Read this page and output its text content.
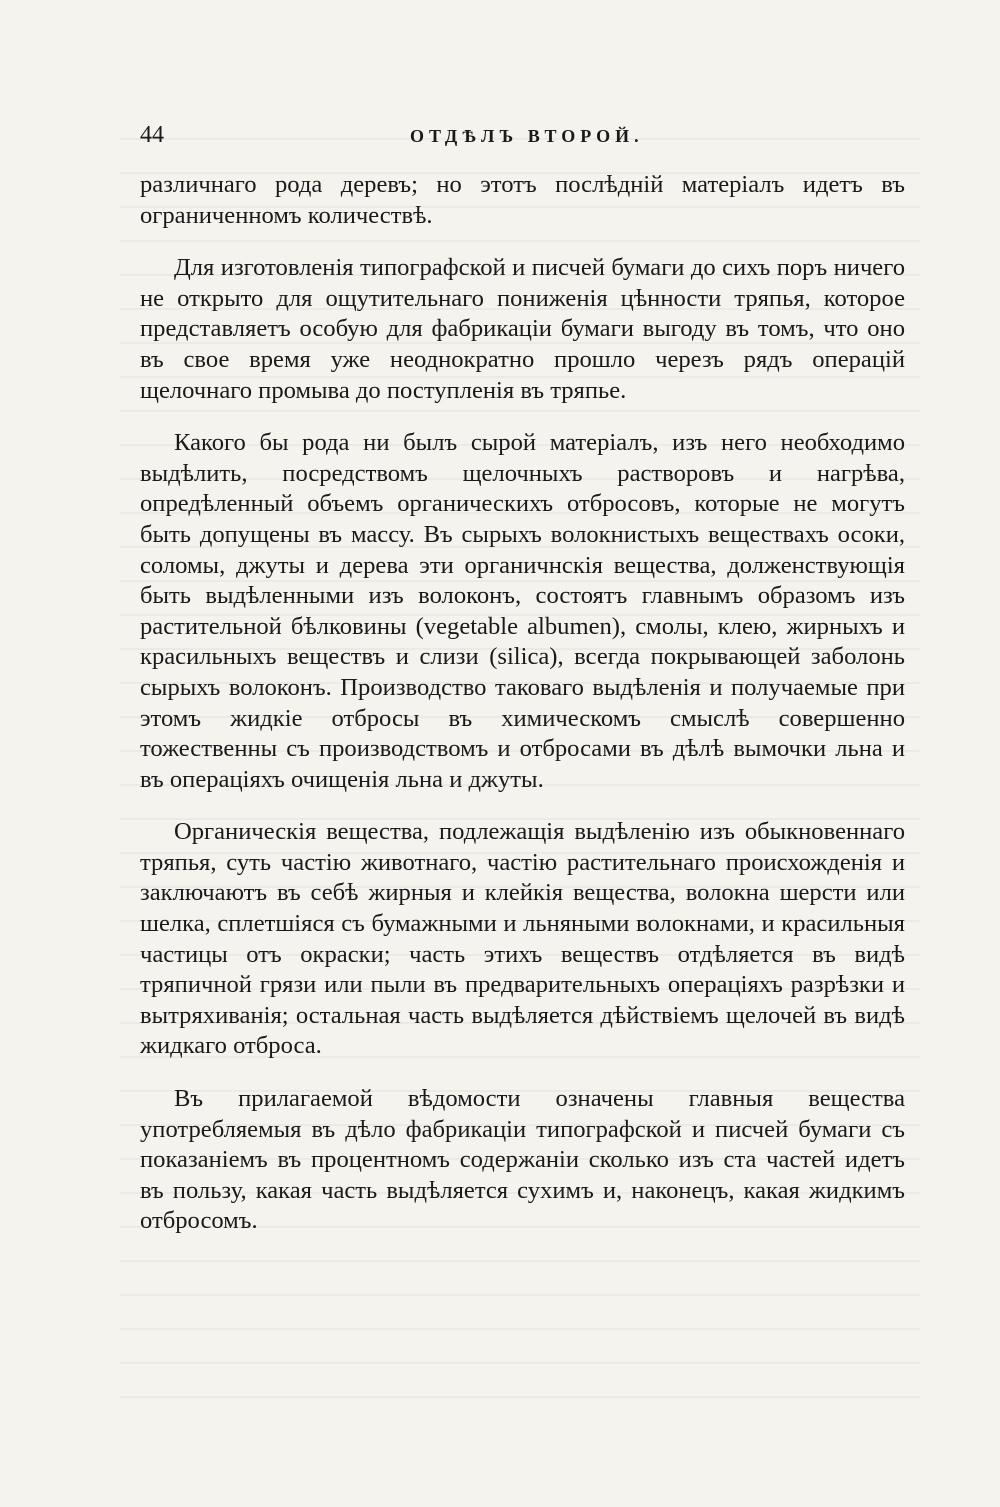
44	ОТДѢЛЪ ВТОРОЙ.

различнаго рода деревъ; но этотъ послѣднiй матерiалъ идетъ въ ограниченномъ количествѣ.

Для изготовленiя типографской и писчей бумаги до сихъ поръ ничего не открыто для ощутительнаго пониженiя цѣнности тряпья, которое представляетъ особую для фабрикацiи бумаги выгоду въ томъ, что оно въ свое время уже неоднократно прошло черезъ рядъ операцiй щелочнаго промыва до поступленiя въ тряпье.

Какого бы рода ни былъ сырой матерiалъ, изъ него необходимо выдѣлить, посредствомъ щелочныхъ растворовъ и нагрѣва, опредѣленный объемъ органическихъ отбросовъ, которые не могутъ быть допущены въ массу. Въ сырыхъ волокнистыхъ веществахъ осоки, соломы, джуты и дерева эти органичнскiя вещества, долженствующiя быть выдѣленными изъ волоконъ, состоятъ главнымъ образомъ изъ растительной бѣлковины (vegetable albumen), смолы, клею, жирныхъ и красильныхъ веществъ и слизи (silica), всегда покрывающей заболонь сырыхъ волоконъ. Производство таковаго выдѣленiя и получаемые при этомъ жидкiе отбросы въ химическомъ смыслѣ совершенно тожественны съ производствомъ и отбросами въ дѣлѣ вымочки льна и въ операцiяхъ очищенiя льна и джуты.

Органическiя вещества, подлежащiя выдѣленiю изъ обыкновеннаго тряпья, суть частiю животнаго, частiю растительнаго происхожденiя и заключаютъ въ себѣ жирныя и клейкiя вещества, волокна шерсти или шелка, сплетшiяся съ бумажными и льняными волокнами, и красильныя частицы отъ окраски; часть этихъ веществъ отдѣляется въ видѣ тряпичной грязи или пыли въ предварительныхъ операцiяхъ разрѣзки и вытряхиванiя; остальная часть выдѣляется дѣйствiемъ щелочей въ видѣ жидкаго отброса.

Въ прилагаемой вѣдомости означены главныя вещества употребляемыя въ дѣло фабрикацiи типографской и писчей бумаги съ показанiемъ въ процентномъ содержанiи сколько изъ ста частей идетъ въ пользу, какая часть выдѣляется сухимъ и, наконецъ, какая жидкимъ отбросомъ.
